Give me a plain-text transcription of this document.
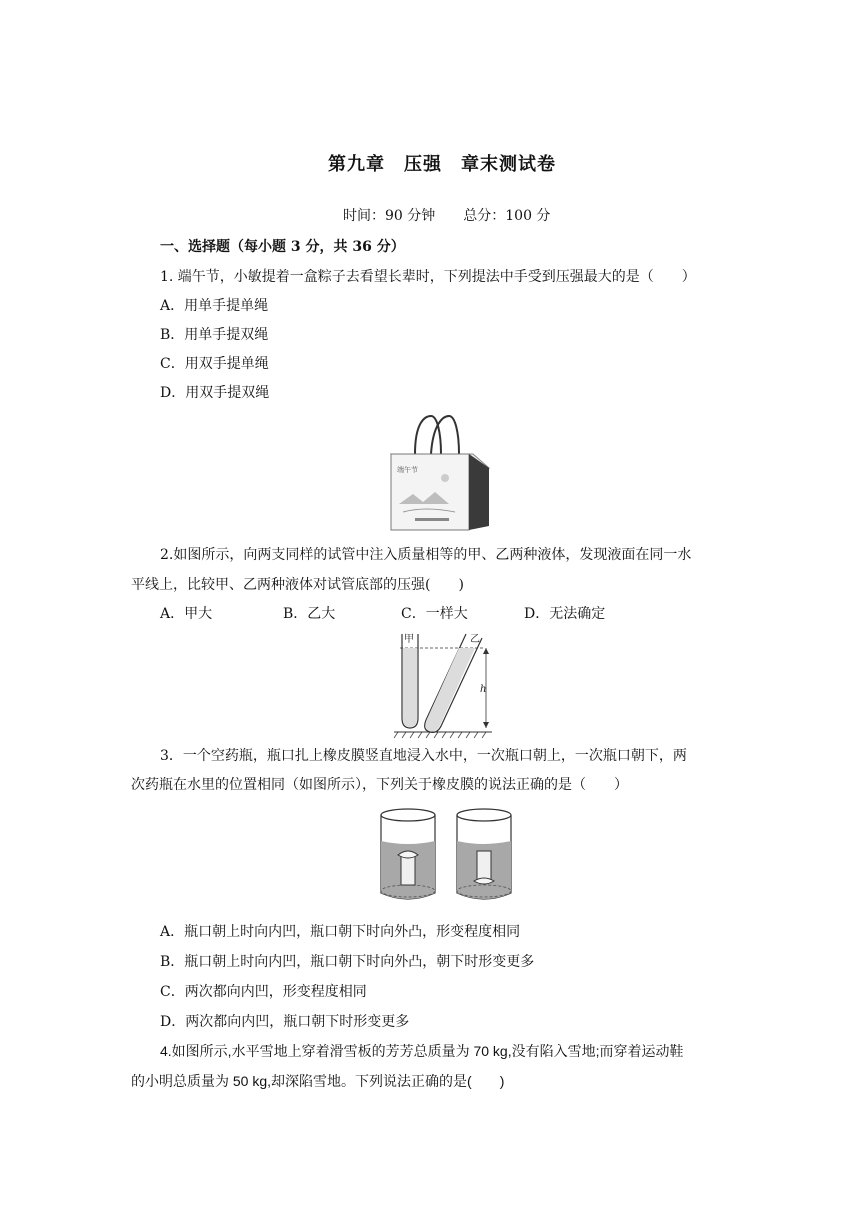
第九章　压强　章末测试卷
时间：90 分钟　　总分：100 分
一、选择题（每小题 3 分，共 36 分）
1. 端午节，小敏提着一盒粽子去看望长辈时，下列提法中手受到压强最大的是（　　）
A．用单手提单绳
B．用单手提双绳
C．用双手提单绳
D．用双手提双绳
端午节
2.如图所示，向两支同样的试管中注入质量相等的甲、乙两种液体，发现液面在同一水
平线上，比较甲、乙两种液体对试管底部的压强(　　)
A．甲大	B．乙大	C．一样大	D．无法确定
甲	乙
h
3．一个空药瓶，瓶口扎上橡皮膜竖直地浸入水中，一次瓶口朝上，一次瓶口朝下，两
次药瓶在水里的位置相同（如图所示），下列关于橡皮膜的说法正确的是（　　）
A．瓶口朝上时向内凹，瓶口朝下时向外凸，形变程度相同
B．瓶口朝上时向内凹，瓶口朝下时向外凸，朝下时形变更多
C．两次都向内凹，形变程度相同
D．两次都向内凹，瓶口朝下时形变更多
4.如图所示,水平雪地上穿着滑雪板的芳芳总质量为 70 kg,没有陷入雪地;而穿着运动鞋
的小明总质量为 50 kg,却深陷雪地。下列说法正确的是(　　)
